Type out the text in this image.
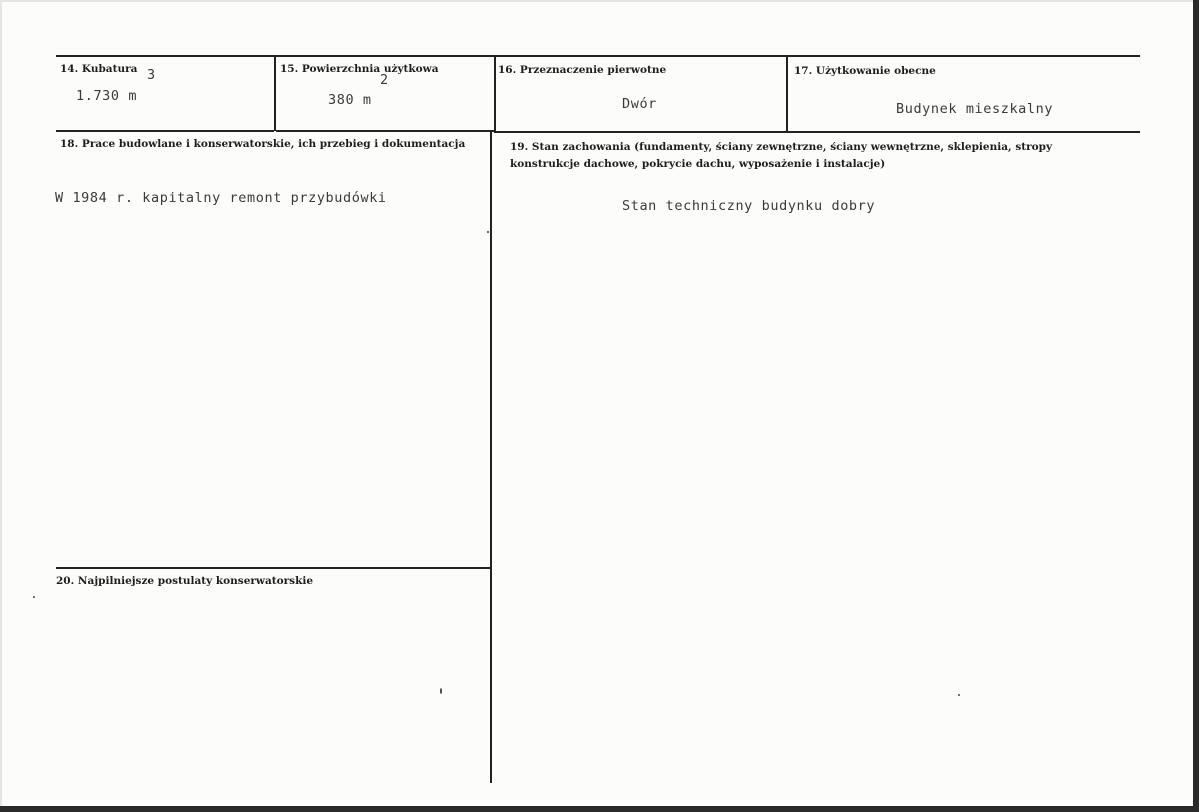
14. Kubatura 3
1.730 m
15. Powierzchnia użytkowa
2
380 m
16. Przeznaczenie pierwotne
Dwór
17. Użytkowanie obecne
Budynek mieszkalny
18. Prace budowlane i konserwatorskie, ich przebieg i dokumentacja
W 1984 r. kapitalny remont przybudówki
19. Stan zachowania (fundamenty, ściany zewnętrzne, ściany wewnętrzne, sklepienia, stropy konstrukcje dachowe, pokrycie dachu, wyposażenie i instalacje)
Stan techniczny budynku dobry
20. Najpilniejsze postulaty konserwatorskie
